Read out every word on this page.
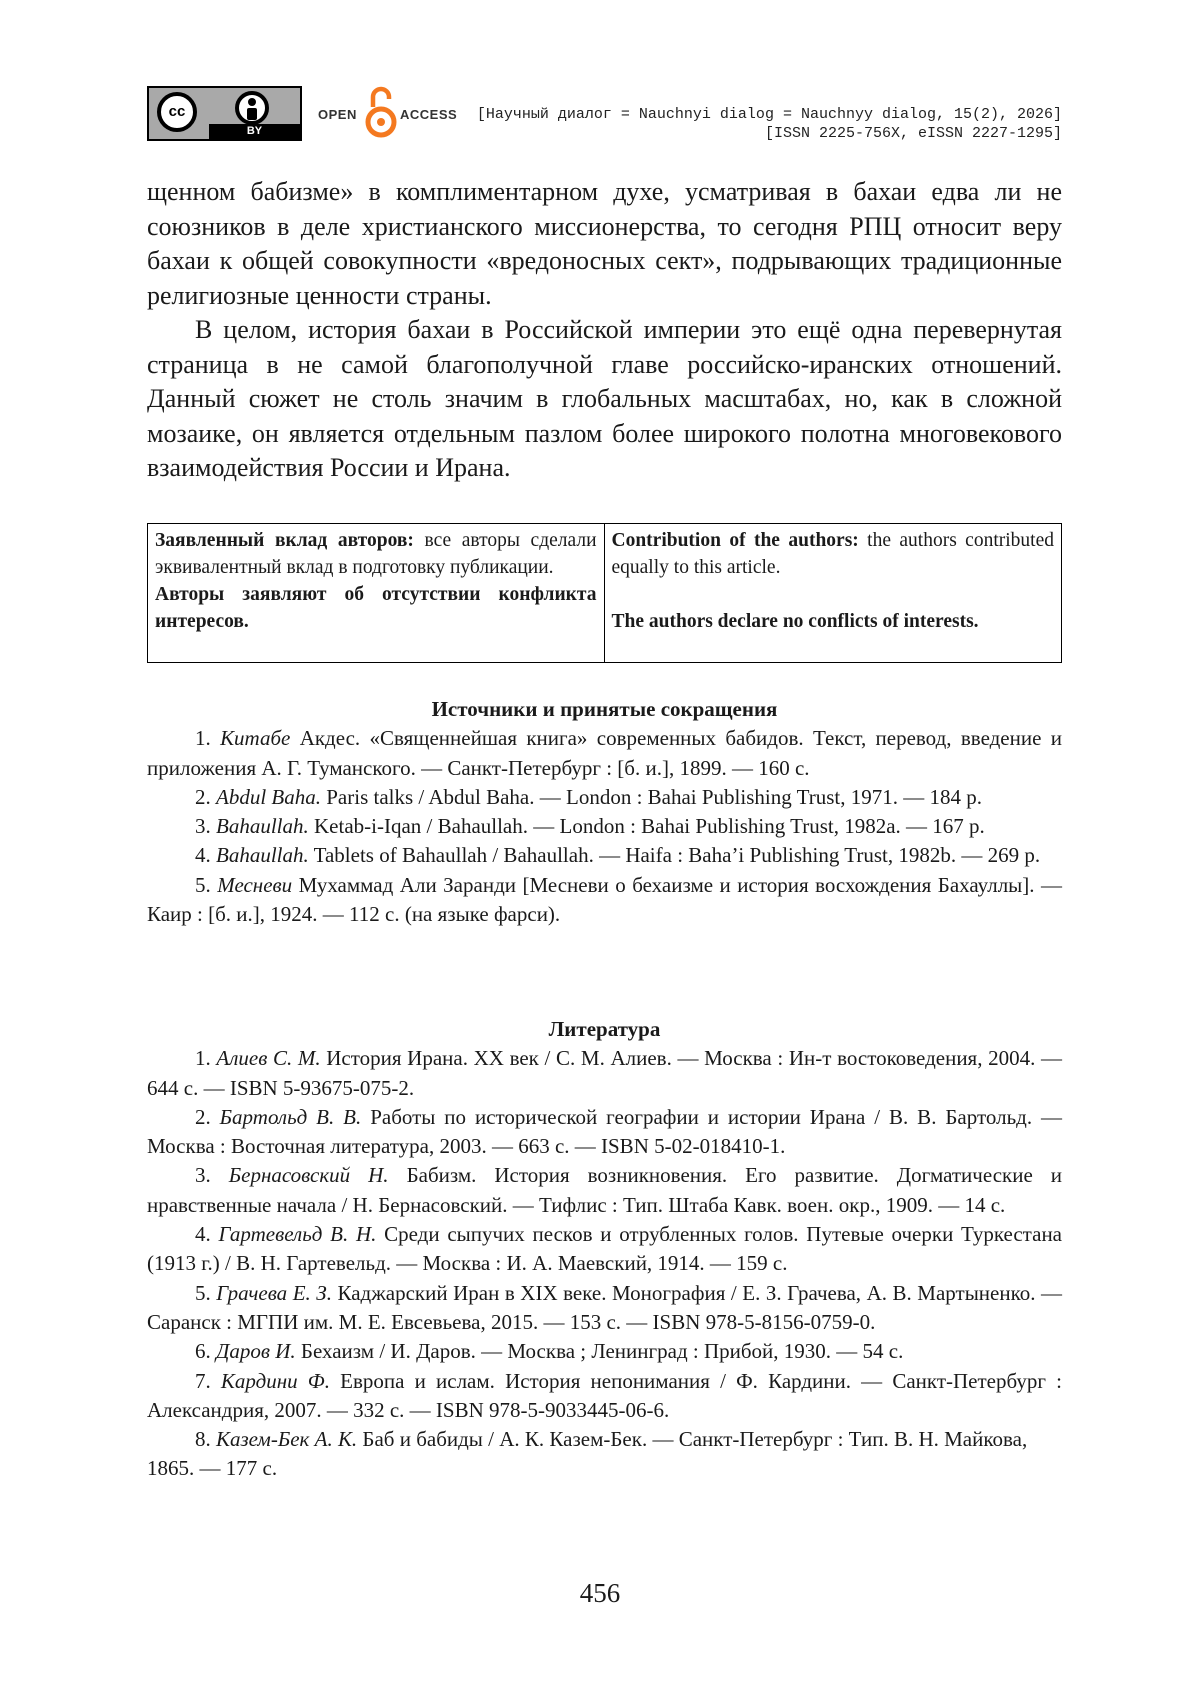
cc
BY
OPEN	ACCESS [Научный диалог = Nauchnyi dialog = Nauchnyy dialog, 15(2), 2026]
[ISSN 2225-756X, eISSN 2227-1295]

щенном бабизме» в комплиментарном духе, усматривая в бахаи едва ли не союзников в деле христианского миссионерства, то сегодня РПЦ относит веру бахаи к общей совокупности «вредоносных сект», подрывающих традиционные религиозные ценности страны.

В целом, история бахаи в Российской империи это ещё одна перевернутая страница в не самой благополучной главе российско-иранских отношений. Данный сюжет не столь значим в глобальных масштабах, но, как в сложной мозаике, он является отдельным пазлом более широкого полотна многовекового взаимодействия России и Ирана.

Заявленный вклад авторов: все авторы сделали эквивалентный вклад в подготовку публикации.

Авторы заявляют об отсутствии конфликта интересов.

Contribution of the authors: the authors contributed equally to this article.

The authors declare no conflicts of interests.

Источники и принятые сокращения

1. Китабе Акдес. «Священнейшая книга» современных бабидов. Текст, перевод, введение и приложения А. Г. Туманского. — Санкт-Петербург : [б. и.], 1899. — 160 с.

2. Abdul Baha. Paris talks / Abdul Baha. — London : Bahai Publishing Trust, 1971. — 184 p.

3. Bahaullah. Ketab-i-Iqan / Bahaullah. — London : Bahai Publishing Trust, 1982a. — 167 p.

4. Bahaullah. Tablets of Bahaullah / Bahaullah. — Haifa : Baha’i Publishing Trust, 1982b. — 269 p.

5. Месневи Мухаммад Али Заранди [Месневи о бехаизме и история восхождения Бахауллы]. — Каир : [б. и.], 1924. — 112 с. (на языке фарси).

Литература

1. Алиев С. М. История Ирана. XX век / С. М. Алиев. — Москва : Ин-т востоковедения, 2004. — 644 с. — ISBN 5-93675-075-2.

2. Бартольд В. В. Работы по исторической географии и истории Ирана / В. В. Бартольд. — Москва : Восточная литература, 2003. — 663 с. — ISBN 5-02-018410-1.

3. Бернасовский Н. Бабизм. История возникновения. Его развитие. Догматические и нравственные начала / Н. Бернасовский. — Тифлис : Тип. Штаба Кавк. воен. окр., 1909. — 14 с.

4. Гартевельд В. Н. Среди сыпучих песков и отрубленных голов. Путевые очерки Туркестана (1913 г.) / В. Н. Гартевельд. — Москва : И. А. Маевский, 1914. — 159 с.

5. Грачева Е. З. Каджарский Иран в XIX веке. Монография / Е. З. Грачева, А. В. Мартыненко. — Саранск : МГПИ им. М. Е. Евсевьева, 2015. — 153 с. — ISBN 978-5-8156-0759-0.

6. Даров И. Бехаизм / И. Даров. — Москва ; Ленинград : Прибой, 1930. — 54 с.

7. Кардини Ф. Европа и ислам. История непонимания / Ф. Кардини. — Санкт-Петербург : Александрия, 2007. — 332 с. — ISBN 978-5-9033445-06-6.

8. Казем-Бек А. К. Баб и бабиды / А. К. Казем-Бек. — Санкт-Петербург : Тип. В. Н. Майкова, 1865. — 177 с.

456
